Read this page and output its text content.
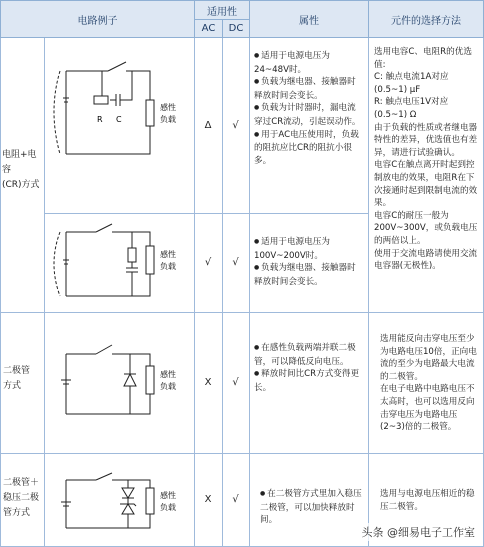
电路例子
适用性
AC DC
属性	元件的选择方法
电阻+电容
(CR)方式
二极管
方式
二极管＋
稳压二极
管方式
Δ √
√ √
X √
X √

● 适用于电源电压为24~48V时。

● 负载为继电器、接触器时释放时间会变长。

● 负载为计时器时，漏电流穿过CR流动，引起误动作。

● 用于AC电压使用时，负载的阻抗应比CR的阻抗小很多。

● 适用于电源电压为100V~200V时。

● 负载为继电器、接触器时释放时间会变长。

● 在感性负载两端并联二极管，可以降低反向电压。

● 释放时间比CR方式变得更长。

● 在二极管方式里加入稳压二极管，可以加快释放时间。

选用电容C、电阻R的优选值:
C: 触点电流1A对应(0.5~1) μF
R: 触点电压1V对应(0.5~1) Ω
由于负载的性质或者继电器特性的差异，优选值也有差异，请进行试验确认。
电容C在触点离开时起到控制放电的效果，电阻R在下次接通时起到限制电流的效果。
电容C的耐压一般为200V~300V，或负载电压的两倍以上。
使用于交流电路请使用交流电容器(无极性)。
选用能反向击穿电压至少为电路电压10倍，正向电流的至少为电路最大电流的二极管。
在电子电路中电路电压不太高时，也可以选用反向击穿电压为电路电压(2~3)倍的二极管。
选用与电源电压相近的稳压二极管。
R C
感性
负载
感性
负载
感性
负载
感性
负载
头条 @细易电子工作室
